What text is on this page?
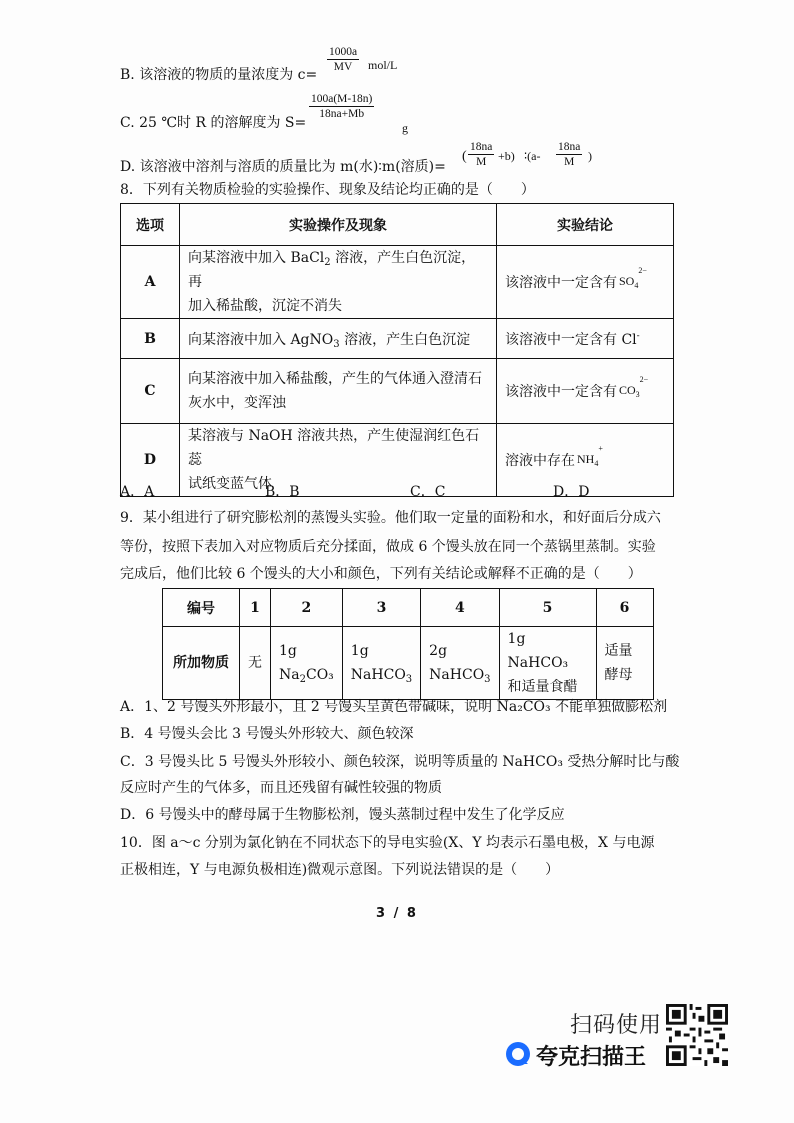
B. 该溶液的物质的量浓度为 c=
$\frac{1000a}{MV} mol/L$
C. 25 ℃时 R 的溶解度为 S=
$\frac{100a(M-18n)}{18na+Mb}$
g
D. 该溶液中溶剂与溶质的质量比为 m(水)∶m(溶质)=
( $\frac{18na}{M} +b$) ∶(a- $\frac{18na}{M}$ )
8．下列有关物质检验的实验操作、现象及结论均正确的是（　　）
选项	实验操作及现象	实验结论
A	向某溶液中加入 BaCl$_2$ 溶液，产生白色沉淀，再
加入稀盐酸，沉淀不消失	该溶液中一定含有 $SO_4$
2−

B	向某溶液中加入 AgNO$_3$ 溶液，产生白色沉淀	该溶液中一定含有 Cl-
C	向某溶液中加入稀盐酸，产生的气体通入澄清石
灰水中，变浑浊	该溶液中一定含有 $CO_3$
2−

D	某溶液与 NaOH 溶液共热，产生使湿润红色石蕊
试纸变蓝气体	溶液中存在 $NH_4$
+
A．A	B．B	C．C	D．D
9．某小组进行了研究膨松剂的蒸馒头实验。他们取一定量的面粉和水，和好面后分成六
等份，按照下表加入对应物质后充分揉面，做成 6 个馒头放在同一个蒸锅里蒸制。实验
完成后，他们比较 6 个馒头的大小和颜色，下列有关结论或解释不正确的是（　　）
编号	1	2	3	4	5	6
所加物质	无	1g
$Na_2CO_3$	1g
NaHCO$_3$	2g
NaHCO$_3$	1g NaHCO₃
和适量食醋	适量
酵母
A．1、2 号馒头外形最小，且 2 号馒头呈黄色带碱味，说明 Na₂CO₃ 不能单独做膨松剂
B．4 号馒头会比 3 号馒头外形较大、颜色较深
C．3 号馒头比 5 号馒头外形较小、颜色较深，说明等质量的 NaHCO₃ 受热分解时比与酸
反应时产生的气体多，而且还残留有碱性较强的物质
D．6 号馒头中的酵母属于生物膨松剂，馒头蒸制过程中发生了化学反应
10．图 a～c 分别为氯化钠在不同状态下的导电实验(X、Y 均表示石墨电极，X 与电源
正极相连，Y 与电源负极相连)微观示意图。下列说法错误的是（　　）
3 / 8
扫码使用
夸克扫描王
